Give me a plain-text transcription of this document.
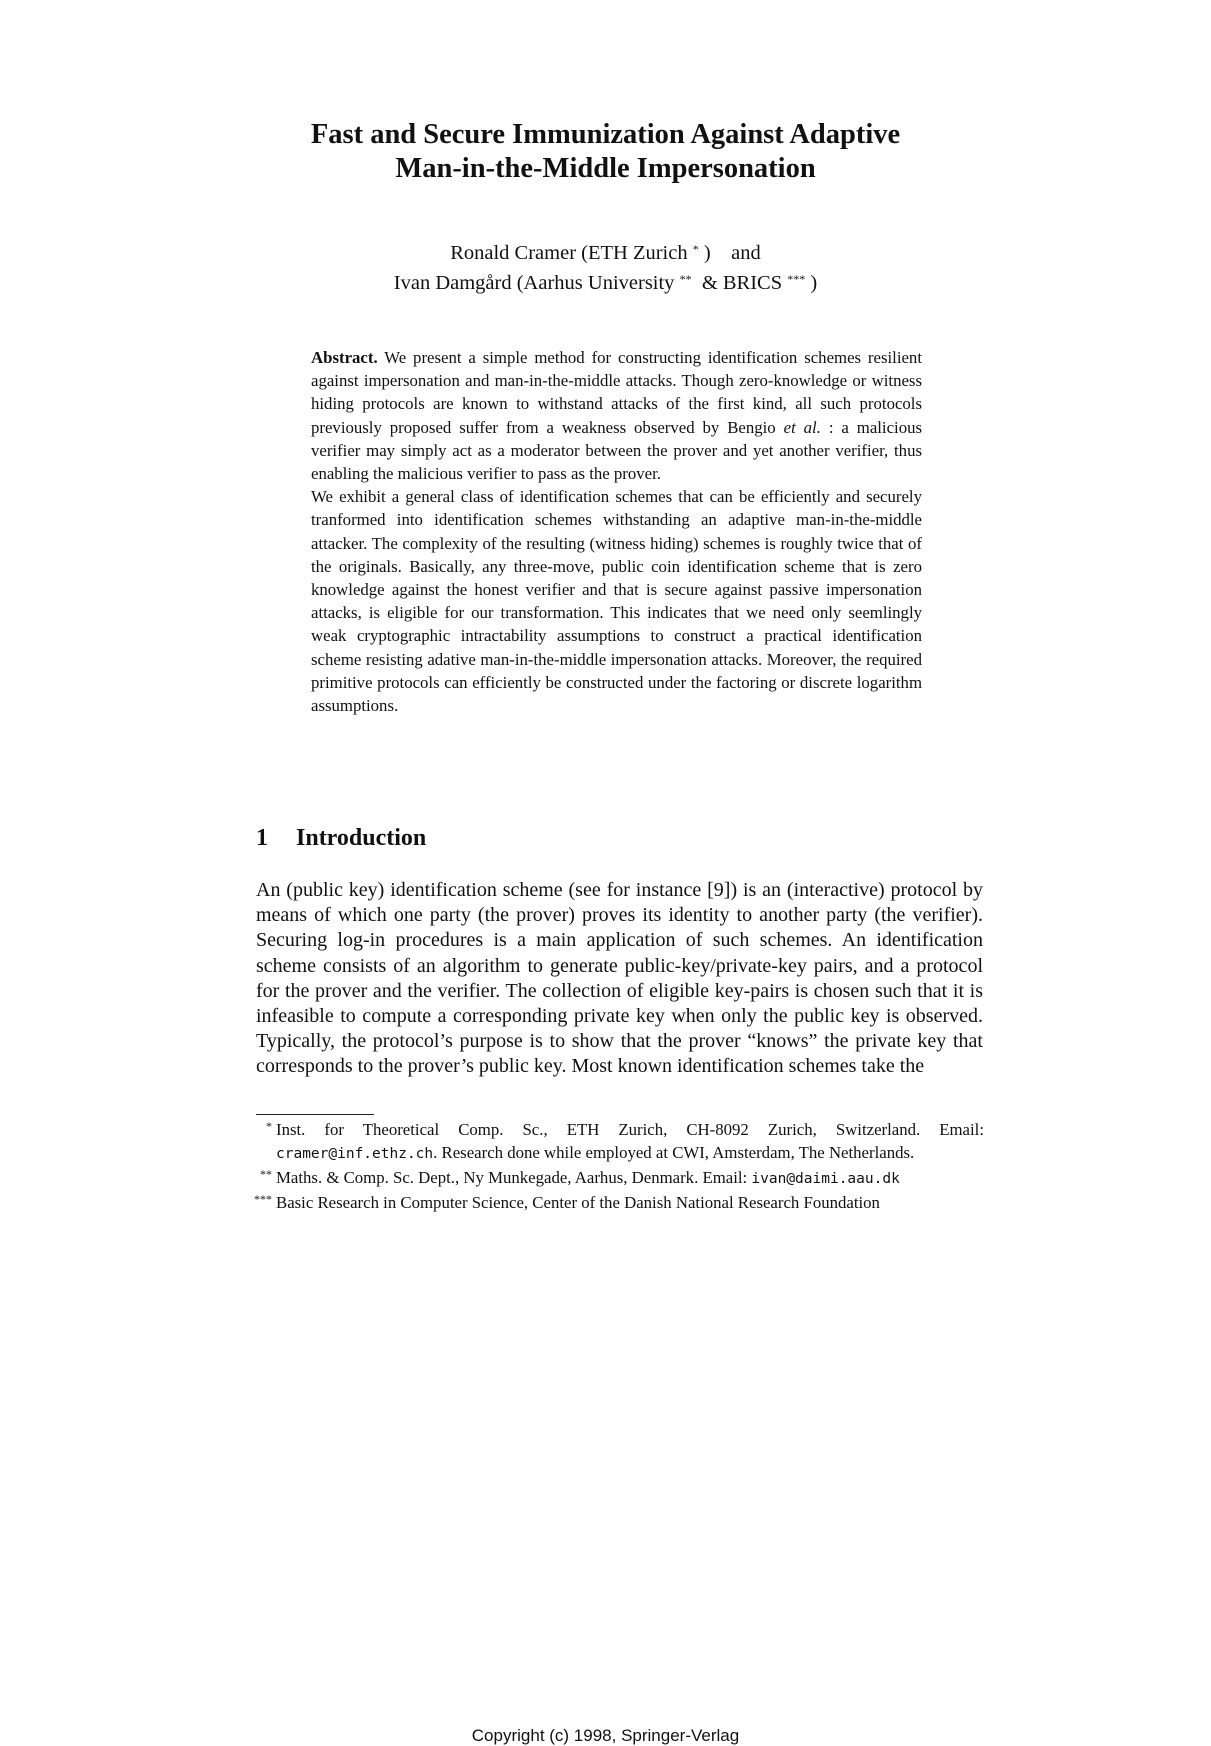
Fast and Secure Immunization Against Adaptive
Man-in-the-Middle Impersonation
Ronald Cramer (ETH Zurich * ) and
Ivan Damgård (Aarhus University ** & BRICS *** )

Abstract. We present a simple method for constructing identification schemes resilient against impersonation and man-in-the-middle attacks. Though zero-knowledge or witness hiding protocols are known to withstand attacks of the first kind, all such protocols previously proposed suffer from a weakness observed by Bengio et al. : a malicious verifier may simply act as a moderator between the prover and yet another verifier, thus enabling the malicious verifier to pass as the prover.

We exhibit a general class of identification schemes that can be efficiently and securely tranformed into identification schemes withstanding an adaptive man-in-the-middle attacker. The complexity of the resulting (witness hiding) schemes is roughly twice that of the originals. Basically, any three-move, public coin identification scheme that is zero knowledge against the honest verifier and that is secure against passive impersonation attacks, is eligible for our transformation. This indicates that we need only seemlingly weak cryptographic intractability assumptions to construct a practical identification scheme resisting adative man-in-the-middle impersonation attacks. Moreover, the required primitive protocols can efficiently be constructed under the factoring or discrete logarithm assumptions.

1 Introduction

An (public key) identification scheme (see for instance [9]) is an (interactive) protocol by means of which one party (the prover) proves its identity to another party (the verifier). Securing log-in procedures is a main application of such schemes. An identification scheme consists of an algorithm to generate public-key/private-key pairs, and a protocol for the prover and the verifier. The collection of eligible key-pairs is chosen such that it is infeasible to compute a corresponding private key when only the public key is observed. Typically, the protocol’s purpose is to show that the prover “knows” the private key that corresponds to the prover’s public key. Most known identification schemes take the

* Inst. for Theoretical Comp. Sc., ETH Zurich, CH-8092 Zurich, Switzerland. Email: cramer@inf.ethz.ch. Research done while employed at CWI, Amsterdam, The Netherlands.
** Maths. & Comp. Sc. Dept., Ny Munkegade, Aarhus, Denmark. Email: ivan@daimi.aau.dk
*** Basic Research in Computer Science, Center of the Danish National Research Foundation
Copyright (c) 1998, Springer-Verlag
